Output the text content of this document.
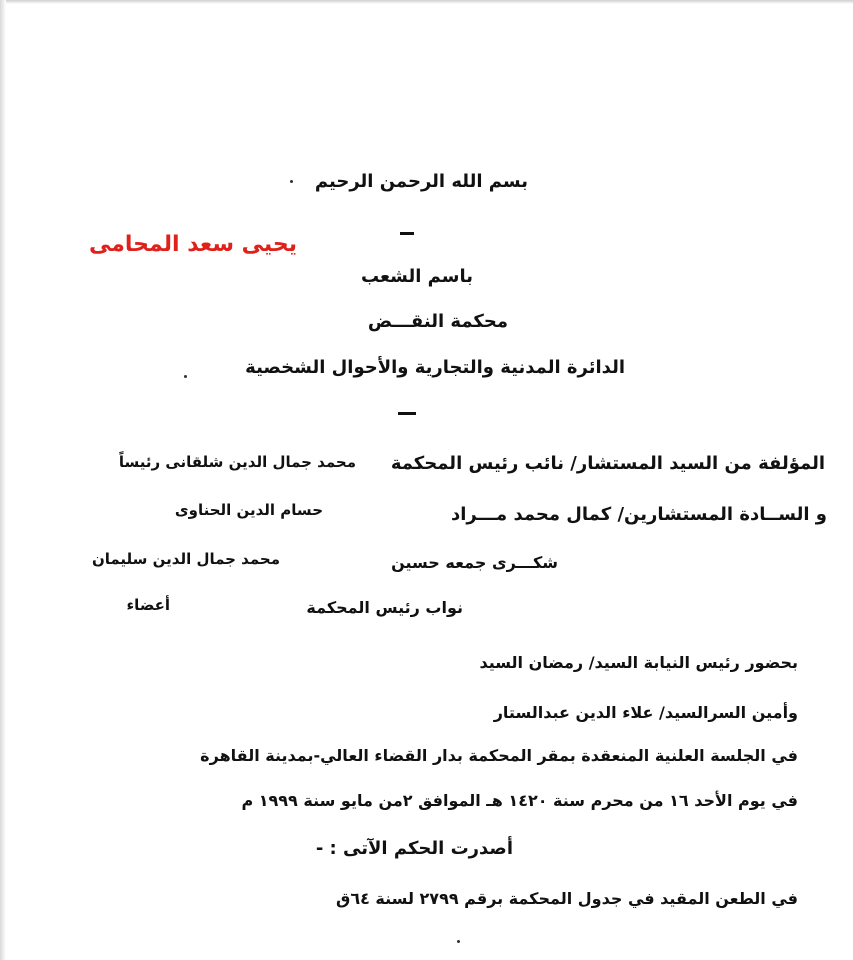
بسم الله الرحمن الرحيم
يحيى سعد المحامى
باسم الشعب
محكمة النقـــض
الدائرة المدنية والتجارية والأحوال الشخصية
المؤلفة من السيد المستشار/ نائب رئيس المحكمة
محمد جمال الدين شلقانى رئيساً
و الســادة المستشارين/ كمال محمد مـــراد
حسام الدين الحناوى
شكـــرى جمعه حسين
محمد جمال الدين سليمان
نواب رئيس المحكمة
أعضاء
بحضور رئيس النيابة السيد/ رمضان السيد
وأمين السرالسيد/ علاء الدين عبدالستار
في الجلسة العلنية المنعقدة بمقر المحكمة بدار القضاء العالي-بمدينة القاهرة
في يوم الأحد ١٦ من محرم سنة ١٤٢٠ هـ الموافق ٢من مايو سنة ١٩٩٩ م
أصدرت الحكم الآتى : -
في الطعن المقيد في جدول المحكمة برقم ٢٧٩٩ لسنة ٦٤ق
